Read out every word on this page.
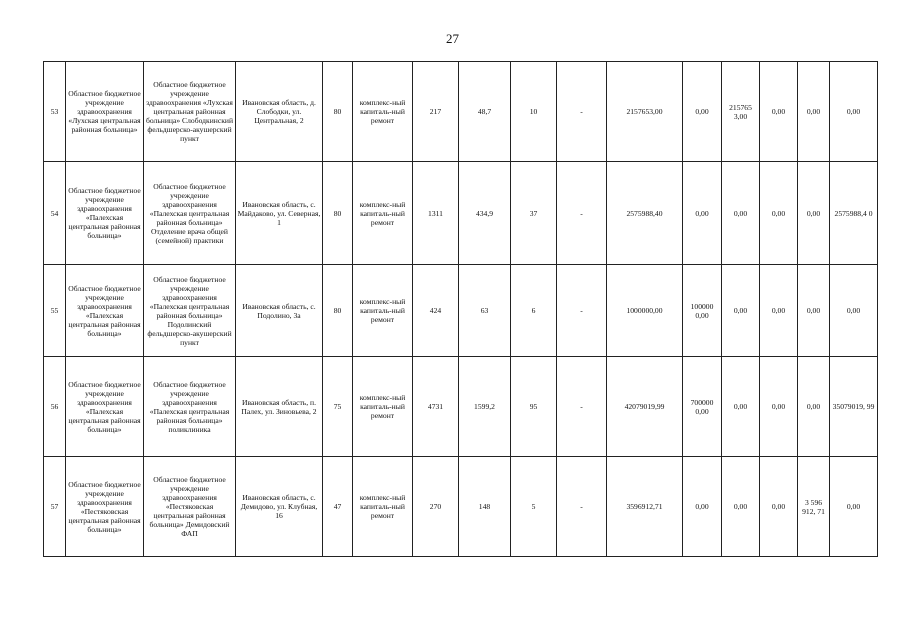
27
53	Областное бюджетное учреждение здравоохранения «Лухская центральная районная больница»	Областное бюджетное учреждение здравоохранения «Лухская центральная районная больница» Слободкинский фельдшерско-акушерский пункт	Ивановская область, д. Слободки, ул. Центральная, 2	80	комплекс-ный капиталь-ный ремонт	217	48,7	10	-	2157653,00	0,00	215765 3,00	0,00	0,00	0,00
54	Областное бюджетное учреждение здравоохранения «Палехская центральная районная больница»	Областное бюджетное учреждение здравоохранения «Палехская центральная районная больница» Отделение врача общей (семейной) практики	Ивановская область, с. Майдаково, ул. Северная, 1	80	комплекс-ный капиталь-ный ремонт	1311	434,9	37	-	2575988,40	0,00	0,00	0,00	0,00	2575988,4 0
55	Областное бюджетное учреждение здравоохранения «Палехская центральная районная больница»	Областное бюджетное учреждение здравоохранения «Палехская центральная районная больница» Подолинский фельдшерско-акушерский пункт	Ивановская область, с. Подолино, 3а	80	комплекс-ный капиталь-ный ремонт	424	63	6	-	1000000,00	100000 0,00	0,00	0,00	0,00	0,00
56	Областное бюджетное учреждение здравоохранения «Палехская центральная районная больница»	Областное бюджетное учреждение здравоохранения «Палехская центральная районная больница» поликлиника	Ивановская область, п. Палех, ул. Зиновьева, 2	75	комплекс-ный капиталь-ный ремонт	4731	1599,2	95	-	42079019,99	700000 0,00	0,00	0,00	0,00	35079019, 99
57	Областное бюджетное учреждение здравоохранения «Пестяковская центральная районная больница»	Областное бюджетное учреждение здравоохранения «Пестяковская центральная районная больница» Демидовский ФАП	Ивановская область, с. Демидово, ул. Клубная, 16	47	комплекс-ный капиталь-ный ремонт	270	148	5	-	3596912,71	0,00	0,00	0,00	3 596 912, 71	0,00
